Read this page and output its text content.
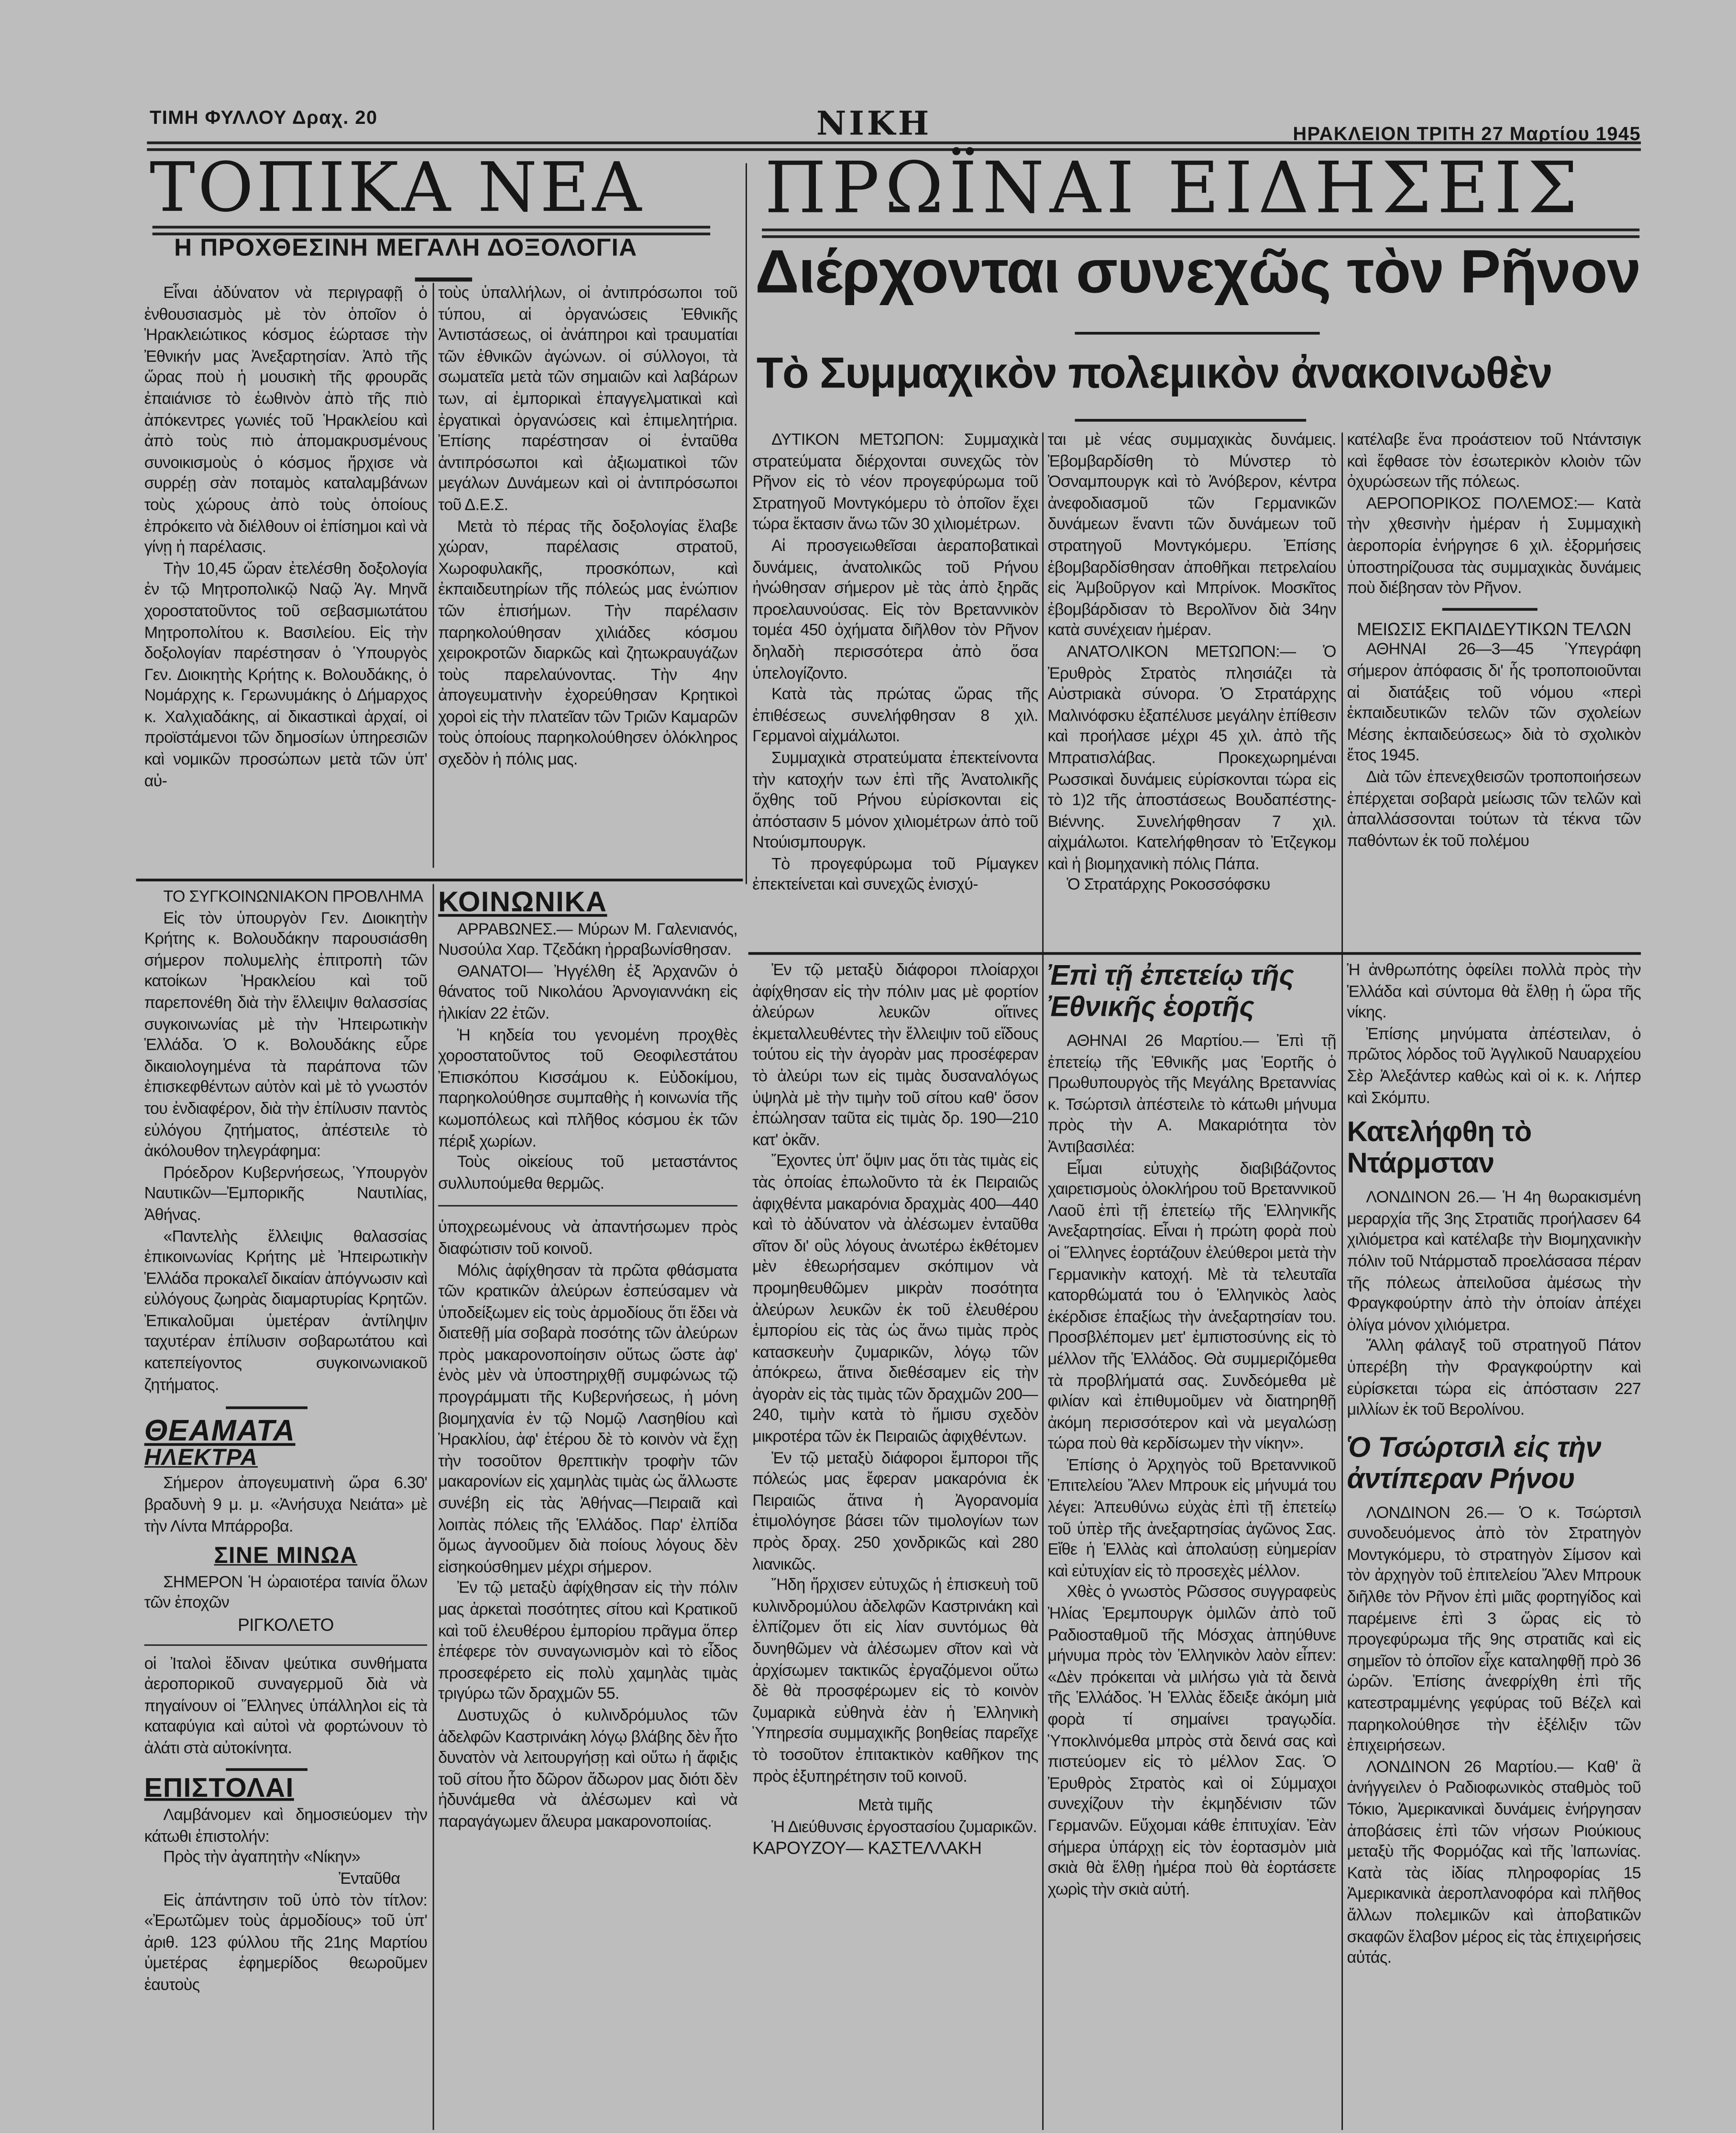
ΤΙΜΗ ΦΥΛΛΟΥ Δραχ. 20	ΝΙΚΗ	ΗΡΑΚΛΕΙΟΝ ΤΡΙΤΗ 27 Μαρτίου 1945
ΤΟΠΙΚΑ ΝΕΑ
Η ΠΡΟΧΘΕΣΙΝΗ ΜΕΓΑΛΗ ΔΟΞΟΛΟΓΙΑ

Εἶναι ἀδύνατον νὰ περιγραφῇ ὁ ἐνθουσιασμὸς μὲ τὸν ὁποῖον ὁ Ἡρακλειώτικος κόσμος ἑώρτασε τὴν Ἐθνικήν μας Ἀνεξαρτησίαν. Ἀπὸ τῆς ὥρας ποὺ ἡ μουσικὴ τῆς φρουρᾶς ἐπαιάνισε τὸ ἑωθινὸν ἀπὸ τῆς πιὸ ἀπόκεντρες γωνιές τοῦ Ἡρακλείου καὶ ἀπὸ τοὺς πιὸ ἀπομακρυσμένους συνοικισμοὺς ὁ κόσμος ἤρχισε νὰ συρρέῃ σὰν ποταμὸς καταλαμβάνων τοὺς χώρους ἀπὸ τοὺς ὁποίους ἐπρόκειτο νὰ διέλθουν οἱ ἐπίσημοι καὶ νὰ γίνῃ ἡ παρέλασις.

Τὴν 10,45 ὥραν ἐτελέσθη δοξολογία ἐν τῷ Μητροπολικῷ Ναῷ Ἀγ. Μηνᾶ χοροστατοῦντος τοῦ σεβασμιωτάτου Μητροπολίτου κ. Βασιλείου. Εἰς τὴν δοξολογίαν παρέστησαν ὁ Ὑπουργὸς Γεν. Διοικητὴς Κρήτης κ. Βολουδάκης, ὁ Νομάρχης κ. Γερωνυμάκης ὁ Δήμαρχος κ. Χαλχιαδάκης, αἱ δικαστικαὶ ἀρχαί, οἱ προϊστάμενοι τῶν δημοσίων ὑπηρεσιῶν καὶ νομικῶν προσώπων μετὰ τῶν ὑπ' αὐ-

τοὺς ὑπαλλήλων, οἱ ἀντιπρόσωποι τοῦ τύπου, αἱ ὀργανώσεις Ἐθνικῆς Ἀντιστάσεως, οἱ ἀνάπηροι καὶ τραυματίαι τῶν ἐθνικῶν ἀγώνων. οἱ σύλλογοι, τὰ σωματεῖα μετὰ τῶν σημαιῶν καὶ λαβάρων των, αἱ ἐμπορικαὶ ἐπαγγελματικαὶ καὶ ἐργατικαὶ ὀργανώσεις καὶ ἐπιμελητήρια. Ἐπίσης παρέστησαν οἱ ἐνταῦθα ἀντιπρόσωποι καὶ ἀξιωματικοὶ τῶν μεγάλων Δυνάμεων καὶ οἱ ἀντιπρόσωποι τοῦ Δ.Ε.Σ.

Μετὰ τὸ πέρας τῆς δοξολογίας ἔλαβε χώραν, παρέλασις στρατοῦ, Χωροφυλακῆς, προσκόπων, καὶ ἐκπαιδευτηρίων τῆς πόλεώς μας ἐνώπιον τῶν ἐπισήμων. Τὴν παρέλασιν παρηκολούθησαν χιλιάδες κόσμου χειροκροτῶν διαρκῶς καὶ ζητωκραυγάζων τοὺς παρελαύνοντας. Τὴν 4ην ἀπογευματινὴν ἐχορεύθησαν Κρητικοὶ χοροὶ εἰς τὴν πλατεῖαν τῶν Τριῶν Καμαρῶν τοὺς ὁποίους παρηκολούθησεν ὁλόκληρος σχεδὸν ἡ πόλις μας.

ΠΡΩΪΝΑΙ ΕΙΔΗΣΕΙΣ
Διέρχονται συνεχῶς τὸν Ρῆνον
Τὸ Συμμαχικὸν πολεμικὸν ἀνακοινωθὲν

ΔΥΤΙΚΟΝ ΜΕΤΩΠΟΝ: Συμμαχικὰ στρατεύματα διέρχονται συνεχῶς τὸν Ρῆνον εἰς τὸ νέον προγεφύρωμα τοῦ Στρατηγοῦ Μοντγκόμερυ τὸ ὁποῖον ἔχει τώρα ἔκτασιν ἄνω τῶν 30 χιλιομέτρων.

Αἱ προσγειωθεῖσαι ἀεραποβατικαὶ δυνάμεις, ἀνατολικῶς τοῦ Ρήνου ἠνώθησαν σήμερον μὲ τὰς ἀπὸ ξηρᾶς προελαυνούσας. Εἰς τὸν Βρεταννικὸν τομέα 450 ὀχήματα διῆλθον τὸν Ρῆνον δηλαδὴ περισσότερα ἀπὸ ὅσα ὑπελογίζοντο.

Κατὰ τὰς πρώτας ὥρας τῆς ἐπιθέσεως συνελήφθησαν 8 χιλ. Γερμανοὶ αἰχμάλωτοι.

Συμμαχικὰ στρατεύματα ἐπεκτείνοντα τὴν κατοχήν των ἐπὶ τῆς Ἀνατολικῆς ὄχθης τοῦ Ρήνου εὑρίσκονται εἰς ἀπόστασιν 5 μόνον χιλιομέτρων ἀπὸ τοῦ Ντούισμπουργκ.

Τὸ προγεφύρωμα τοῦ Ρίμαγκεν ἐπεκτείνεται καὶ συνεχῶς ἐνισχύ-

ται μὲ νέας συμμαχικὰς δυνάμεις. Ἐβομβαρδίσθη τὸ Μύνστερ τὸ Ὀσναμπουργκ καὶ τὸ Ἀνόβερον, κέντρα ἀνεφοδιασμοῦ τῶν Γερμανικῶν δυνάμεων ἔναντι τῶν δυνάμεων τοῦ στρατηγοῦ Μοντγκόμερυ. Ἐπίσης ἐβομβαρδίσθησαν ἀποθῆκαι πετρελαίου εἰς Ἀμβοῦργον καὶ Μπρίνοκ. Μοσκῖτος ἐβομβάρδισαν τὸ Βερολῖνον διὰ 34ην κατὰ συνέχειαν ἡμέραν.

ΑΝΑΤΟΛΙΚΟΝ ΜΕΤΩΠΟΝ:— Ὁ Ἐρυθρὸς Στρατὸς πλησιάζει τὰ Αὐστριακὰ σύνορα. Ὁ Στρατάρχης Μαλινόφσκυ ἐξαπέλυσε μεγάλην ἐπίθεσιν καὶ προήλασε μέχρι 45 χιλ. ἀπὸ τῆς Μπρατισλάβας. Προκεχωρημέναι Ρωσσικαὶ δυνάμεις εὑρίσκονται τώρα εἰς τὸ 1)2 τῆς ἀποστάσεως Βουδαπέστης-Βιέννης. Συνελήφθησαν 7 χιλ. αἰχμάλωτοι. Κατελήφθησαν τὸ Ἐτζεγκομ καὶ ἡ βιομηχανικὴ πόλις Πάπα.

Ὁ Στρατάρχης Ροκοσσόφσκυ

κατέλαβε ἕνα προάστειον τοῦ Ντάντσιγκ καὶ ἔφθασε τὸν ἐσωτερικὸν κλοιὸν τῶν ὀχυρώσεων τῆς πόλεως.

ΑΕΡΟΠΟΡΙΚΟΣ ΠΟΛΕΜΟΣ:— Κατὰ τὴν χθεσινὴν ἡμέραν ἡ Συμμαχικὴ ἀεροπορία ἐνήργησε 6 χιλ. ἐξορμήσεις ὑποστηρίζουσα τὰς συμμαχικὰς δυνάμεις ποὺ διέβησαν τὸν Ρῆνον.

ΜΕΙΩΣΙΣ ΕΚΠΑΙΔΕΥΤΙΚΩΝ ΤΕΛΩΝ

ΑΘΗΝΑΙ 26—3—45 Ὑπεγράφη σήμερον ἀπόφασις δι' ἧς τροποποιοῦνται αἱ διατάξεις τοῦ νόμου «περὶ ἐκπαιδευτικῶν τελῶν τῶν σχολείων Μέσης ἐκπαιδεύσεως» διὰ τὸ σχολικὸν ἔτος 1945.

Διὰ τῶν ἐπενεχθεισῶν τροποποιήσεων ἐπέρχεται σοβαρὰ μείωσις τῶν τελῶν καὶ ἀπαλλάσσονται τούτων τὰ τέκνα τῶν παθόντων ἐκ τοῦ πολέμου

ΤΟ ΣΥΓΚΟΙΝΩΝΙΑΚΟΝ ΠΡΟΒΛΗΜΑ

Εἰς τὸν ὑπουργὸν Γεν. Διοικητὴν Κρήτης κ. Βολουδάκην παρουσιάσθη σήμερον πολυμελὴς ἐπιτροπὴ τῶν κατοίκων Ἡρακλείου καὶ τοῦ παρεπονέθη διὰ τὴν ἔλλειψιν θαλασσίας συγκοινωνίας μὲ τὴν Ἠπειρωτικὴν Ἑλλάδα. Ὁ κ. Βολουδάκης εὗρε δικαιολογημένα τὰ παράπονα τῶν ἐπισκεφθέντων αὐτὸν καὶ μὲ τὸ γνωστόν του ἐνδιαφέρον, διὰ τὴν ἐπίλυσιν παντὸς εὐλόγου ζητήματος, ἀπέστειλε τὸ ἀκόλουθον τηλεγράφημα:

Πρόεδρον Κυβερνήσεως, Ὑπουργὸν Ναυτικῶν—Ἐμπορικῆς Ναυτιλίας, Ἀθήνας.

«Παντελὴς ἔλλειψις θαλασσίας ἐπικοινωνίας Κρήτης μὲ Ἠπειρωτικὴν Ἑλλάδα προκαλεῖ δικαίαν ἀπόγνωσιν καὶ εὐλόγους ζωηρὰς διαμαρτυρίας Κρητῶν. Ἐπικαλοῦμαι ὑμετέραν ἀντίληψιν ταχυτέραν ἐπίλυσιν σοβαρωτάτου καὶ κατεπείγοντος συγκοινωνιακοῦ ζητήματος.

ΘΕΑΜΑΤΑ
ΗΛΕΚΤΡΑ

Σήμερον ἀπογευματινὴ ὥρα 6.30' βραδυνὴ 9 μ. μ. «Ἀνήσυχα Νειάτα» μὲ τὴν Λίντα Μπάρροβα.

ΣΙΝΕ ΜΙΝΩΑ

ΣΗΜΕΡΟΝ Ἡ ὡραιοτέρα ταινία ὅλων τῶν ἐποχῶν

ΡΙΓΚΟΛΕΤΟ

οἱ Ἰταλοὶ ἔδιναν ψεύτικα συνθήματα ἀεροπορικοῦ συναγερμοῦ διὰ νὰ πηγαίνουν οἱ Ἕλληνες ὑπάλληλοι εἰς τὰ καταφύγια καὶ αὐτοὶ νὰ φορτώνουν τὸ ἀλάτι στὰ αὐτοκίνητα.

ΕΠΙΣΤΟΛΑΙ

Λαμβάνομεν καὶ δημοσιεύομεν τὴν κάτωθι ἐπιστολήν:

Πρὸς τὴν ἀγαπητὴν «Νίκην»

Ἐνταῦθα

Εἰς ἀπάντησιν τοῦ ὑπὸ τὸν τίτλον: «Ἐρωτῶμεν τοὺς ἁρμοδίους» τοῦ ὑπ' ἀριθ. 123 φύλλου τῆς 21ης Μαρτίου ὑμετέρας ἐφημερίδος θεωροῦμεν ἑαυτοὺς

ΚΟΙΝΩΝΙΚΑ

ΑΡΡΑΒΩΝΕΣ.— Μύρων Μ. Γαλενιανός, Νυσούλα Χαρ. Τζεδάκη ἠρραβωνίσθησαν.

ΘΑΝΑΤΟΙ— Ἠγγέλθη ἐξ Ἀρχανῶν ὁ θάνατος τοῦ Νικολάου Ἀρνογιαννάκη εἰς ἡλικίαν 22 ἐτῶν.

Ἡ κηδεία του γενομένη προχθὲς χοροστατοῦντος τοῦ Θεοφιλεστάτου Ἐπισκόπου Κισσάμου κ. Εὐδοκίμου, παρηκολούθησε συμπαθὴς ἡ κοινωνία τῆς κωμοπόλεως καὶ πλῆθος κόσμου ἐκ τῶν πέριξ χωρίων.

Τοὺς οἰκείους τοῦ μεταστάντος συλλυπούμεθα θερμῶς.

ὑποχρεωμένους νὰ ἀπαντήσωμεν πρὸς διαφώτισιν τοῦ κοινοῦ.

Μόλις ἀφίχθησαν τὰ πρῶτα φθάσματα τῶν κρατικῶν ἀλεύρων ἐσπεύσαμεν νὰ ὑποδείξωμεν εἰς τοὺς ἁρμοδίους ὅτι ἔδει νὰ διατεθῇ μία σοβαρὰ ποσότης τῶν ἀλεύρων πρὸς μακαρονοποίησιν οὕτως ὥστε ἀφ' ἑνὸς μὲν νὰ ὑποστηριχθῇ συμφώνως τῷ προγράμματι τῆς Κυβερνήσεως, ἡ μόνη βιομηχανία ἐν τῷ Νομῷ Λασηθίου καὶ Ἡρακλίου, ἀφ' ἑτέρου δὲ τὸ κοινὸν νὰ ἔχῃ τὴν τοσοῦτον θρεπτικὴν τροφὴν τῶν μακαρονίων εἰς χαμηλὰς τιμὰς ὡς ἄλλωστε συνέβη εἰς τὰς Ἀθήνας—Πειραιᾶ καὶ λοιπὰς πόλεις τῆς Ἑλλάδος. Παρ' ἐλπίδα ὅμως ἀγνοοῦμεν διὰ ποίους λόγους δὲν εἰσηκούσθημεν μέχρι σήμερον.

Ἐν τῷ μεταξὺ ἀφίχθησαν εἰς τὴν πόλιν μας ἀρκεταὶ ποσότητες σίτου καὶ Κρατικοῦ καὶ τοῦ ἐλευθέρου ἐμπορίου πρᾶγμα ὅπερ ἐπέφερε τὸν συναγωνισμὸν καὶ τὸ εἶδος προσεφέρετο εἰς πολὺ χαμηλὰς τιμὰς τριγύρω τῶν δραχμῶν 55.

Δυστυχῶς ὁ κυλινδρόμυλος τῶν ἀδελφῶν Καστρινάκη λόγῳ βλάβης δὲν ἦτο δυνατὸν νὰ λειτουργήσῃ καὶ οὕτω ἡ ἄφιξις τοῦ σίτου ἦτο δῶρον ἄδωρον μας διότι δὲν ἠδυνάμεθα νὰ ἀλέσωμεν καὶ νὰ παραγάγωμεν ἄλευρα μακαρονοποιίας.

Ἐν τῷ μεταξὺ διάφοροι πλοίαρχοι ἀφίχθησαν εἰς τὴν πόλιν μας μὲ φορτίον ἀλεύρων λευκῶν οἵτινες ἐκμεταλλευθέντες τὴν ἔλλειψιν τοῦ εἴδους τούτου εἰς τὴν ἀγορὰν μας προσέφεραν τὸ ἀλεύρι των εἰς τιμὰς δυσαναλόγως ὑψηλὰ μὲ τὴν τιμὴν τοῦ σίτου καθ' ὅσον ἐπώλησαν ταῦτα εἰς τιμὰς δρ. 190—210 κατ' ὀκᾶν.

Ἔχοντες ὑπ' ὄψιν μας ὅτι τὰς τιμὰς εἰς τὰς ὁποίας ἐπωλοῦντο τὰ ἐκ Πειραιῶς ἀφιχθέντα μακαρόνια δραχμὰς 400—440 καὶ τὸ ἀδύνατον νὰ ἀλέσωμεν ἐνταῦθα σῖτον δι' οὓς λόγους ἀνωτέρω ἐκθέτομεν μὲν ἐθεωρήσαμεν σκόπιμον νὰ προμηθευθῶμεν μικρὰν ποσότητα ἀλεύρων λευκῶν ἐκ τοῦ ἐλευθέρου ἐμπορίου εἰς τὰς ὡς ἄνω τιμὰς πρὸς κατασκευὴν ζυμαρικῶν, λόγῳ τῶν ἀπόκρεω, ἅτινα διεθέσαμεν εἰς τὴν ἀγορὰν εἰς τὰς τιμὰς τῶν δραχμῶν 200—240, τιμὴν κατὰ τὸ ἥμισυ σχεδὸν μικροτέρα τῶν ἐκ Πειραιῶς ἀφιχθέντων.

Ἐν τῷ μεταξὺ διάφοροι ἔμποροι τῆς πόλεώς μας ἔφεραν μακαρόνια ἐκ Πειραιῶς ἅτινα ἡ Ἀγορανομία ἐτιμολόγησε βάσει τῶν τιμολογίων των πρὸς δραχ. 250 χονδρικῶς καὶ 280 λιανικῶς.

Ἤδη ἤρχισεν εὐτυχῶς ἡ ἐπισκευὴ τοῦ κυλινδρομύλου ἀδελφῶν Καστρινάκη καὶ ἐλπίζομεν ὅτι εἰς λίαν συντόμως θὰ δυνηθῶμεν νὰ ἀλέσωμεν σῖτον καὶ νὰ ἀρχίσωμεν τακτικῶς ἐργαζόμενοι οὕτω δὲ θὰ προσφέρωμεν εἰς τὸ κοινὸν ζυμαρικὰ εὐθηνὰ ἐὰν ἡ Ἑλληνικὴ Ὑπηρεσία συμμαχικῆς βοηθείας παρεῖχε τὸ τοσοῦτον ἐπιτακτικὸν καθῆκον της πρὸς ἐξυπηρέτησιν τοῦ κοινοῦ.

Μετὰ τιμῆς

Ἡ Διεύθυνσις ἐργοστασίου ζυμαρικῶν.

ΚΑΡΟΥΖΟΥ— ΚΑΣΤΕΛΛΑΚΗ

Ἐπὶ τῇ ἐπετείῳ τῆς Ἐθνικῆς ἑορτῆς

ΑΘΗΝΑΙ 26 Μαρτίου.— Ἐπὶ τῇ ἐπετείῳ τῆς Ἐθνικῆς μας Ἑορτῆς ὁ Πρωθυπουργὸς τῆς Μεγάλης Βρεταννίας κ. Τσώρτσιλ ἀπέστειλε τὸ κάτωθι μήνυμα πρὸς τὴν Α. Μακαριότητα τὸν Ἀντιβασιλέα:

Εἶμαι εὐτυχὴς διαβιβάζοντος χαιρετισμοὺς ὁλοκλήρου τοῦ Βρεταννικοῦ Λαοῦ ἐπὶ τῇ ἐπετείῳ τῆς Ἑλληνικῆς Ἀνεξαρτησίας. Εἶναι ἡ πρώτη φορὰ ποὺ οἱ Ἕλληνες ἑορτάζουν ἐλεύθεροι μετὰ τὴν Γερμανικὴν κατοχή. Μὲ τὰ τελευταῖα κατορθώματά του ὁ Ἑλληνικὸς λαὸς ἐκέρδισε ἐπαξίως τὴν ἀνεξαρτησίαν του. Προσβλέπομεν μετ' ἐμπιστοσύνης εἰς τὸ μέλλον τῆς Ἑλλάδος. Θὰ συμμεριζόμεθα τὰ προβλήματά σας. Συνδεόμεθα μὲ φιλίαν καὶ ἐπιθυμοῦμεν νὰ διατηρηθῇ ἀκόμη περισσότερον καὶ νὰ μεγαλώσῃ τώρα ποὺ θὰ κερδίσωμεν τὴν νίκην».

Ἐπίσης ὁ Ἀρχηγὸς τοῦ Βρεταννικοῦ Ἐπιτελείου Ἄλεν Μπρουκ εἰς μήνυμά του λέγει: Ἀπευθύνω εὐχὰς ἐπὶ τῇ ἐπετείῳ τοῦ ὑπὲρ τῆς ἀνεξαρτησίας ἀγῶνος Σας. Εἴθε ἡ Ἑλλὰς καὶ ἀπολαύσῃ εὐημερίαν καὶ εὐτυχίαν εἰς τὸ προσεχὲς μέλλον.

Χθὲς ὁ γνωστὸς Ρῶσσος συγγραφεὺς Ἠλίας Ἐρεμπουργκ ὁμιλῶν ἀπὸ τοῦ Ραδιοσταθμοῦ τῆς Μόσχας ἀπηύθυνε μήνυμα πρὸς τὸν Ἑλληνικὸν λαὸν εἶπεν: «Δὲν πρόκειται νὰ μιλήσω γιὰ τὰ δεινὰ τῆς Ἑλλάδος. Ἡ Ἑλλὰς ἔδειξε ἀκόμη μιὰ φορὰ τί σημαίνει τραγῳδία. Ὑποκλινόμεθα μπρὸς στὰ δεινά σας καὶ πιστεύομεν εἰς τὸ μέλλον Σας. Ὁ Ἐρυθρὸς Στρατὸς καὶ οἱ Σύμμαχοι συνεχίζουν τὴν ἐκμηδένισιν τῶν Γερμανῶν. Εὔχομαι κάθε ἐπιτυχίαν. Ἐὰν σήμερα ὑπάρχῃ εἰς τὸν ἑορτασμὸν μιὰ σκιὰ θὰ ἔλθῃ ἡμέρα ποὺ θὰ ἑορτάσετε χωρὶς τὴν σκιὰ αὐτή.

Ἡ ἀνθρωπότης ὀφείλει πολλὰ πρὸς τὴν Ἑλλάδα καὶ σύντομα θὰ ἔλθῃ ἡ ὥρα τῆς νίκης.

Ἐπίσης μηνύματα ἀπέστειλαν, ὁ πρῶτος λόρδος τοῦ Ἀγγλικοῦ Ναυαρχείου Σὲρ Ἀλεξάντερ καθὼς καὶ οἱ κ. κ. Λήπερ καὶ Σκόμπυ.

Κατελήφθη τὸ Ντάρμσταν

ΛΟΝΔΙΝΟΝ 26.— Ἡ 4η θωρακισμένη μεραρχία τῆς 3ης Στρατιᾶς προήλασεν 64 χιλιόμετρα καὶ κατέλαβε τὴν Βιομηχανικὴν πόλιν τοῦ Ντάρμσταδ προελάσασα πέραν τῆς πόλεως ἀπειλοῦσα ἀμέσως τὴν Φραγκφούρτην ἀπὸ τὴν ὁποίαν ἀπέχει ὀλίγα μόνον χιλιόμετρα.

Ἄλλη φάλαγξ τοῦ στρατηγοῦ Πάτον ὑπερέβη τὴν Φραγκφούρτην καὶ εὑρίσκεται τώρα εἰς ἀπόστασιν 227 μιλλίων ἐκ τοῦ Βερολίνου.

Ὁ Τσώρτσιλ εἰς τὴν ἀντίπεραν Ρήνου

ΛΟΝΔΙΝΟΝ 26.— Ὁ κ. Τσώρτσιλ συνοδευόμενος ἀπὸ τὸν Στρατηγὸν Μοντγκόμερυ, τὸ στρατηγὸν Σίμσον καὶ τὸν ἀρχηγὸν τοῦ ἐπιτελείου Ἄλεν Μπρουκ διῆλθε τὸν Ρῆνον ἐπὶ μιᾶς φορτηγίδος καὶ παρέμεινε ἐπὶ 3 ὥρας εἰς τὸ προγεφύρωμα τῆς 9ης στρατιᾶς καὶ εἰς σημεῖον τὸ ὁποῖον εἶχε καταληφθῇ πρὸ 36 ὡρῶν. Ἐπίσης ἀνεφρίχθη ἐπὶ τῆς κατεστραμμένης γεφύρας τοῦ Βέζελ καὶ παρηκολούθησε τὴν ἐξέλιξιν τῶν ἐπιχειρήσεων.

ΛΟΝΔΙΝΟΝ 26 Μαρτίου.— Καθ' ἃ ἀνήγγειλεν ὁ Ραδιοφωνικὸς σταθμὸς τοῦ Τόκιο, Ἀμερικανικαὶ δυνάμεις ἐνήργησαν ἀποβάσεις ἐπὶ τῶν νήσων Ριούκιους μεταξὺ τῆς Φορμόζας καὶ τῆς Ἰαπωνίας. Κατὰ τὰς ἰδίας πληροφορίας 15 Ἀμερικανικὰ ἀεροπλανοφόρα καὶ πλῆθος ἄλλων πολεμικῶν καὶ ἀποβατικῶν σκαφῶν ἔλαβον μέρος εἰς τὰς ἐπιχειρήσεις αὐτάς.
